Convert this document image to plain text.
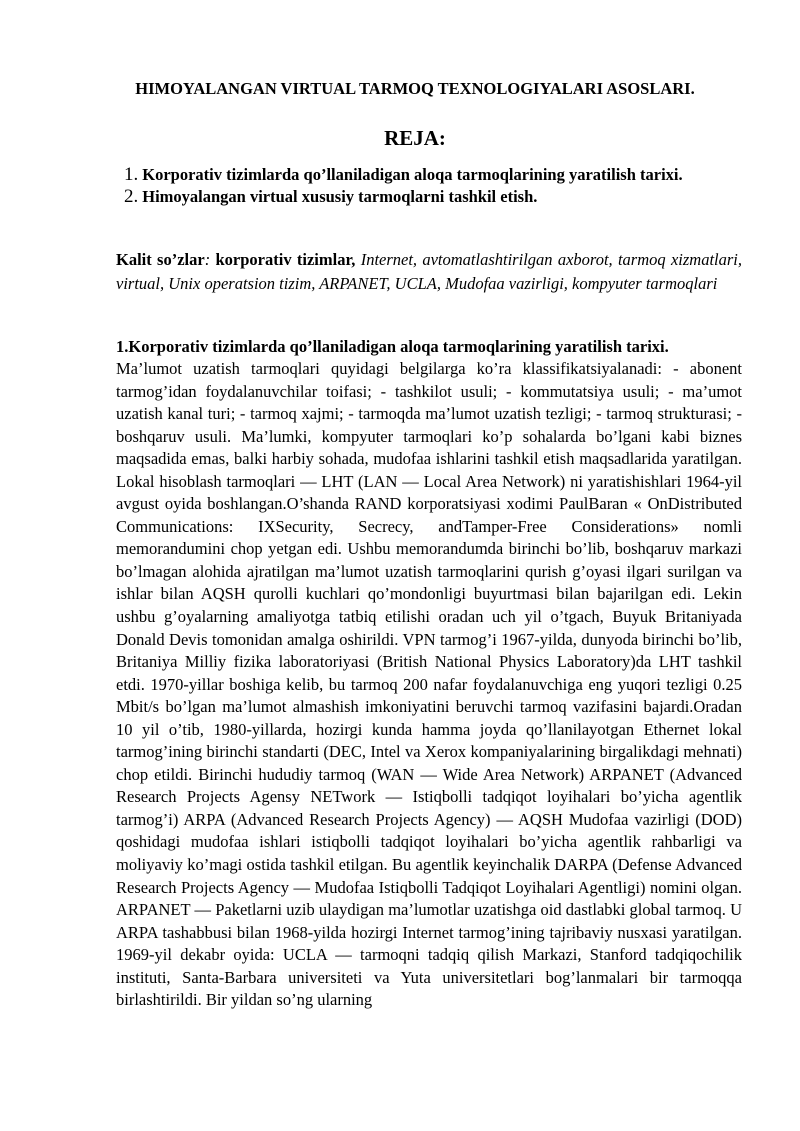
HIMOYALANGAN VIRTUAL TARMOQ TEXNOLOGIYALARI ASOSLARI.
REJA:
1. Korporativ tizimlarda qo’llaniladigan aloqa tarmoqlarining yaratilish tarixi.
2. Himoyalangan virtual xususiy tarmoqlarni tashkil etish.
Kalit so’zlar: korporativ tizimlar, Internet, avtomatlashtirilgan axborot, tarmoq xizmatlari, virtual, Unix operatsion tizim, ARPANET, UCLA, Mudofaa vazirligi, kompyuter tarmoqlari
1.Korporativ tizimlarda qo’llaniladigan aloqa tarmoqlarining yaratilish tarixi.
Ma’lumot uzatish tarmoqlari quyidagi belgilarga ko’ra klassifikatsiyalanadi: - abonent tarmog’idan foydalanuvchilar toifasi; - tashkilot usuli; - kommutatsiya usuli; - ma’umot uzatish kanal turi; - tarmoq xajmi; - tarmoqda ma’lumot uzatish tezligi; - tarmoq strukturasi; - boshqaruv usuli. Ma’lumki, kompyuter tarmoqlari ko’p sohalarda bo’lgani kabi biznes maqsadida emas, balki harbiy sohada, mudofaa ishlarini tashkil etish maqsadlarida yaratilgan. Lokal hisoblash tarmoqlari — LHT (LAN — Local Area Network) ni yaratishishlari 1964-yil avgust oyida boshlangan.O’shanda RAND korporatsiyasi xodimi PaulBaran « OnDistributed Communications: IXSecurity, Secrecy, andTamper-Free Considerations» nomli memorandumini chop yetgan edi. Ushbu memorandumda birinchi bo’lib, boshqaruv markazi bo’lmagan alohida ajratilgan ma’lumot uzatish tarmoqlarini qurish g’oyasi ilgari surilgan va ishlar bilan AQSH qurolli kuchlari qo’mondonligi buyurtmasi bilan bajarilgan edi. Lekin ushbu g’oyalarning amaliyotga tatbiq etilishi oradan uch yil o’tgach, Buyuk Britaniyada Donald Devis tomonidan amalga oshirildi. VPN tarmog’i 1967-yilda, dunyoda birinchi bo’lib, Britaniya Milliy fizika laboratoriyasi (British National Physics Laboratory)da LHT tashkil etdi. 1970-yillar boshiga kelib, bu tarmoq 200 nafar foydalanuvchiga eng yuqori tezligi 0.25 Mbit/s bo’lgan ma’lumot almashish imkoniyatini beruvchi tarmoq vazifasini bajardi.Oradan 10 yil o’tib, 1980-yillarda, hozirgi kunda hamma joyda qo’llanilayotgan Ethernet lokal tarmog’ining birinchi standarti (DEC, Intel va Xerox kompaniyalarining birgalikdagi mehnati) chop etildi. Birinchi hududiy tarmoq (WAN — Wide Area Network) ARPANET (Advanced Research Projects Agensy NETwork — Istiqbolli tadqiqot loyihalari bo’yicha agentlik tarmog’i) ARPA (Advanced Research Projects Agency) — AQSH Mudofaa vazirligi (DOD) qoshidagi mudofaa ishlari istiqbolli tadqiqot loyihalari bo’yicha agentlik rahbarligi va moliyaviy ko’magi ostida tashkil etilgan. Bu agentlik keyinchalik DARPA (Defense Advanced Research Projects Agency — Mudofaa Istiqbolli Tadqiqot Loyihalari Agentligi) nomini olgan. ARPANET — Paketlarni uzib ulaydigan ma’lumotlar uzatishga oid dastlabki global tarmoq. U ARPA tashabbusi bilan 1968-yilda hozirgi Internet tarmog’ining tajribaviy nusxasi yaratilgan. 1969-yil dekabr oyida: UCLA — tarmoqni tadqiq qilish Markazi, Stanford tadqiqochilik instituti, Santa-Barbara universiteti va Yuta universitetlari bog’lanmalari bir tarmoqqa birlashtirildi. Bir yildan so’ng ularning
